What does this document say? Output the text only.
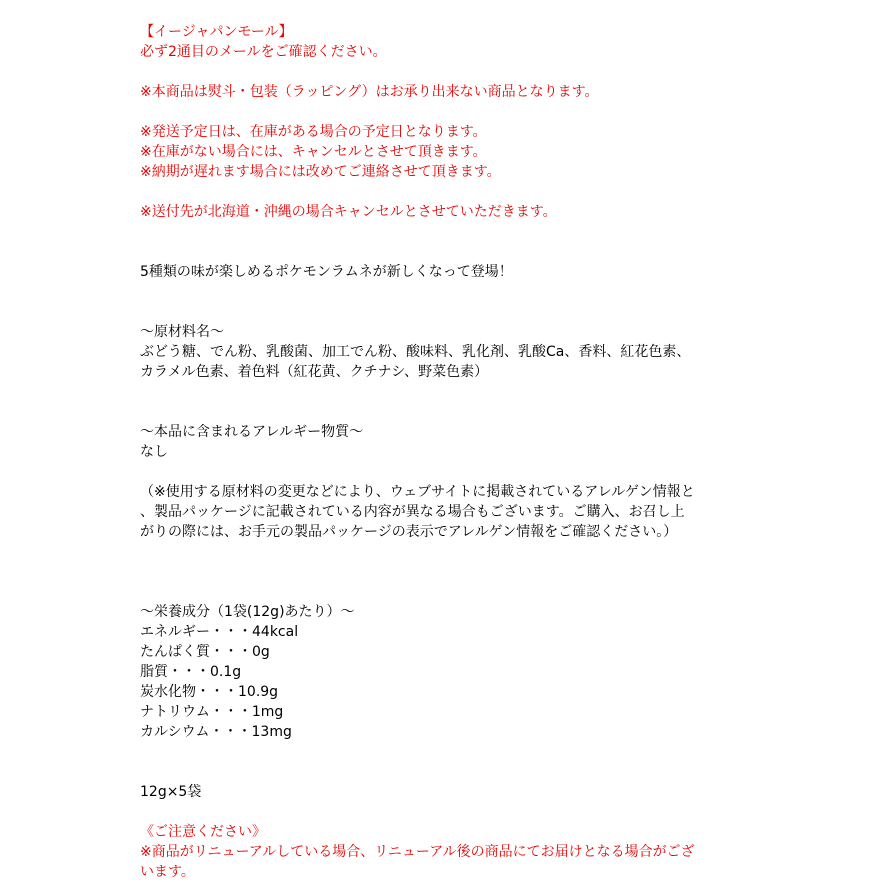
【イージャパンモール】
必ず2通目のメールをご確認ください。
※本商品は熨斗・包装（ラッピング）はお承り出来ない商品となります。
※発送予定日は、在庫がある場合の予定日となります。
※在庫がない場合には、キャンセルとさせて頂きます。
※納期が遅れます場合には改めてご連絡させて頂きます。
※送付先が北海道・沖縄の場合キャンセルとさせていただきます。
5種類の味が楽しめるポケモンラムネが新しくなって登場！
～原材料名～
ぶどう糖、でん粉、乳酸菌、加工でん粉、酸味料、乳化剤、乳酸Ca、香料、紅花色素、
カラメル色素、着色料（紅花黄、クチナシ、野菜色素）
～本品に含まれるアレルギー物質～
なし
（※使用する原材料の変更などにより、ウェブサイトに掲載されているアレルゲン情報と
、製品パッケージに記載されている内容が異なる場合もございます。ご購入、お召し上
がりの際には、お手元の製品パッケージの表示でアレルゲン情報をご確認ください。）
～栄養成分（1袋(12g)あたり）～
エネルギー・・・44kcal
たんぱく質・・・0g
脂質・・・0.1g
炭水化物・・・10.9g
ナトリウム・・・1mg
カルシウム・・・13mg
12g×5袋
《ご注意ください》
※商品がリニューアルしている場合、リニューアル後の商品にてお届けとなる場合がござ
います。
